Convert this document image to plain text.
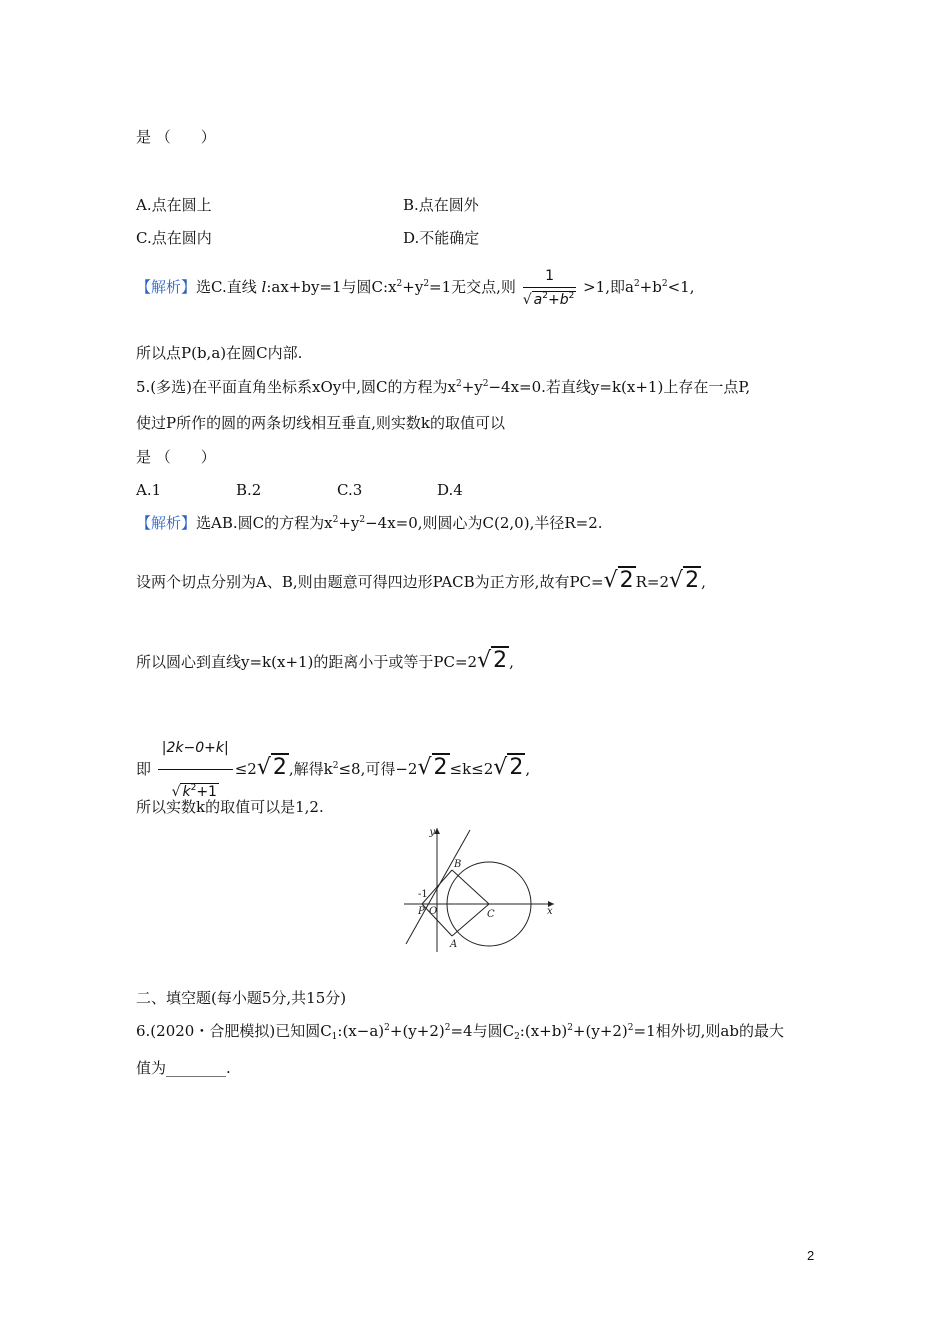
是 （　　）
A.点在圆上	B.点在圆外
C.点在圆内	D.不能确定
【解析】选C.直线 l:ax+by=1与圆$C:x^2+y^2=1$无交点,则 $\frac{1}{√ a^2+b^2} >1$,即$a^2+b^2<1$,
所以点P(b,a)在圆C内部.
5.(多选)在平面直角坐标系xOy中,圆C的方程为$x^2+y^2-4x=0$.若直线y=k(x+1)上存在一点P,
使过P所作的圆的两条切线相互垂直,则实数k的取值可以
是 （　　）
A.1	B.2	C.3	D.4
【解析】选AB.圆C的方程为$x^2+y^2-4x=0$,则圆心为C(2,0),半径R=2.
设两个切点分别为A、B,则由题意可得四边形PACB为正方形,故有PC=√2 R=2√2 ,
所以圆心到直线y=k(x+1)的距离小于或等于PC=2√2 ,
即 $\frac{|2k-0+k|}{√ k^2+1} \le 2√2$ ,解得$k^2\le 8$,可得−2√2 ≤k≤2√2 ,
所以实数k的取值可以是1,2.
y
x
B
A
C
P O
-1
二、填空题(每小题5分,共15分)
6.(2020・合肥模拟)已知圆$C_1:(x-a)^2+(y+2)^2=4$与圆$C_2:(x+b)^2+(y+2)^2=1$相外切,则ab的最大
值为________.
2
